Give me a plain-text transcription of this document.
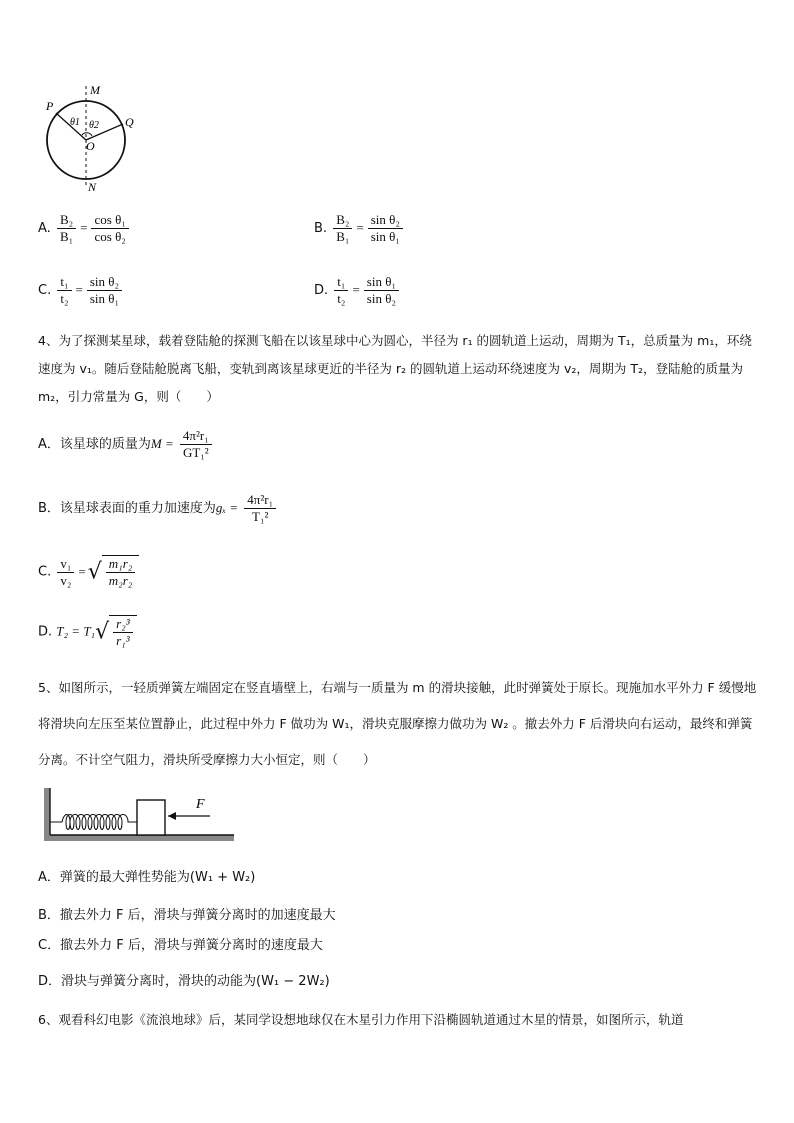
M
P
Q
O
N
θ1 θ2
A. $\frac{\text{B₂}}{\text{B₁}} = \frac{\text{cos θ₁}}{\text{cos θ₂}}$	B. $\frac{\text{B₂}}{\text{B₁}} = \frac{\text{sin θ₂}}{\text{sin θ₁}}$
C. $\frac{\text{t₁}}{\text{t₂}} = \frac{\text{sin θ₂}}{\text{sin θ₁}}$	D. $\frac{\text{t₁}}{\text{t₂}} = \frac{\text{sin θ₁}}{\text{sin θ₂}}$
4、为了探测某星球，载着登陆舱的探测飞船在以该星球中心为圆心，半径为 r₁ 的圆轨道上运动，周期为 T₁，总质量为 m₁，环绕速度为 v₁。随后登陆舱脱离飞船，变轨到离该星球更近的半径为 r₂ 的圆轨道上运动环绕速度为 v₂，周期为 T₂，登陆舱的质量为 m₂，引力常量为 G，则（　　）
A．该星球的质量为$M = \frac{\text{4π²r₁}}{\text{GT₁²}}$
B．该星球表面的重力加速度为$g_x = \frac{\text{4π²r₁}}{\text{T₁²}}$
C. $\frac{\text{v₁}}{\text{v₂}}$ =√ $\frac{\text{m₁r₂}}{\text{m₂r₂}}$
D. $T_2 = T_1√ \frac{\text{r₂³}}{\text{r₁³}}$
5、如图所示，一轻质弹簧左端固定在竖直墙壁上，右端与一质量为 m 的滑块接触，此时弹簧处于原长。现施加水平外力 F 缓慢地将滑块向左压至某位置静止，此过程中外力 F 做功为 W₁，滑块克服摩擦力做功为 W₂ 。撤去外力 F 后滑块向右运动，最终和弹簧分离。不计空气阻力，滑块所受摩擦力大小恒定，则（　　）
F
A．弹簧的最大弹性势能为(W₁ + W₂)
B．撤去外力 F 后，滑块与弹簧分离时的加速度最大
C．撤去外力 F 后，滑块与弹簧分离时的速度最大
D．滑块与弹簧分离时，滑块的动能为(W₁ − 2W₂)
6、观看科幻电影《流浪地球》后，某同学设想地球仅在木星引力作用下沿椭圆轨道通过木星的情景，如图所示，轨道
